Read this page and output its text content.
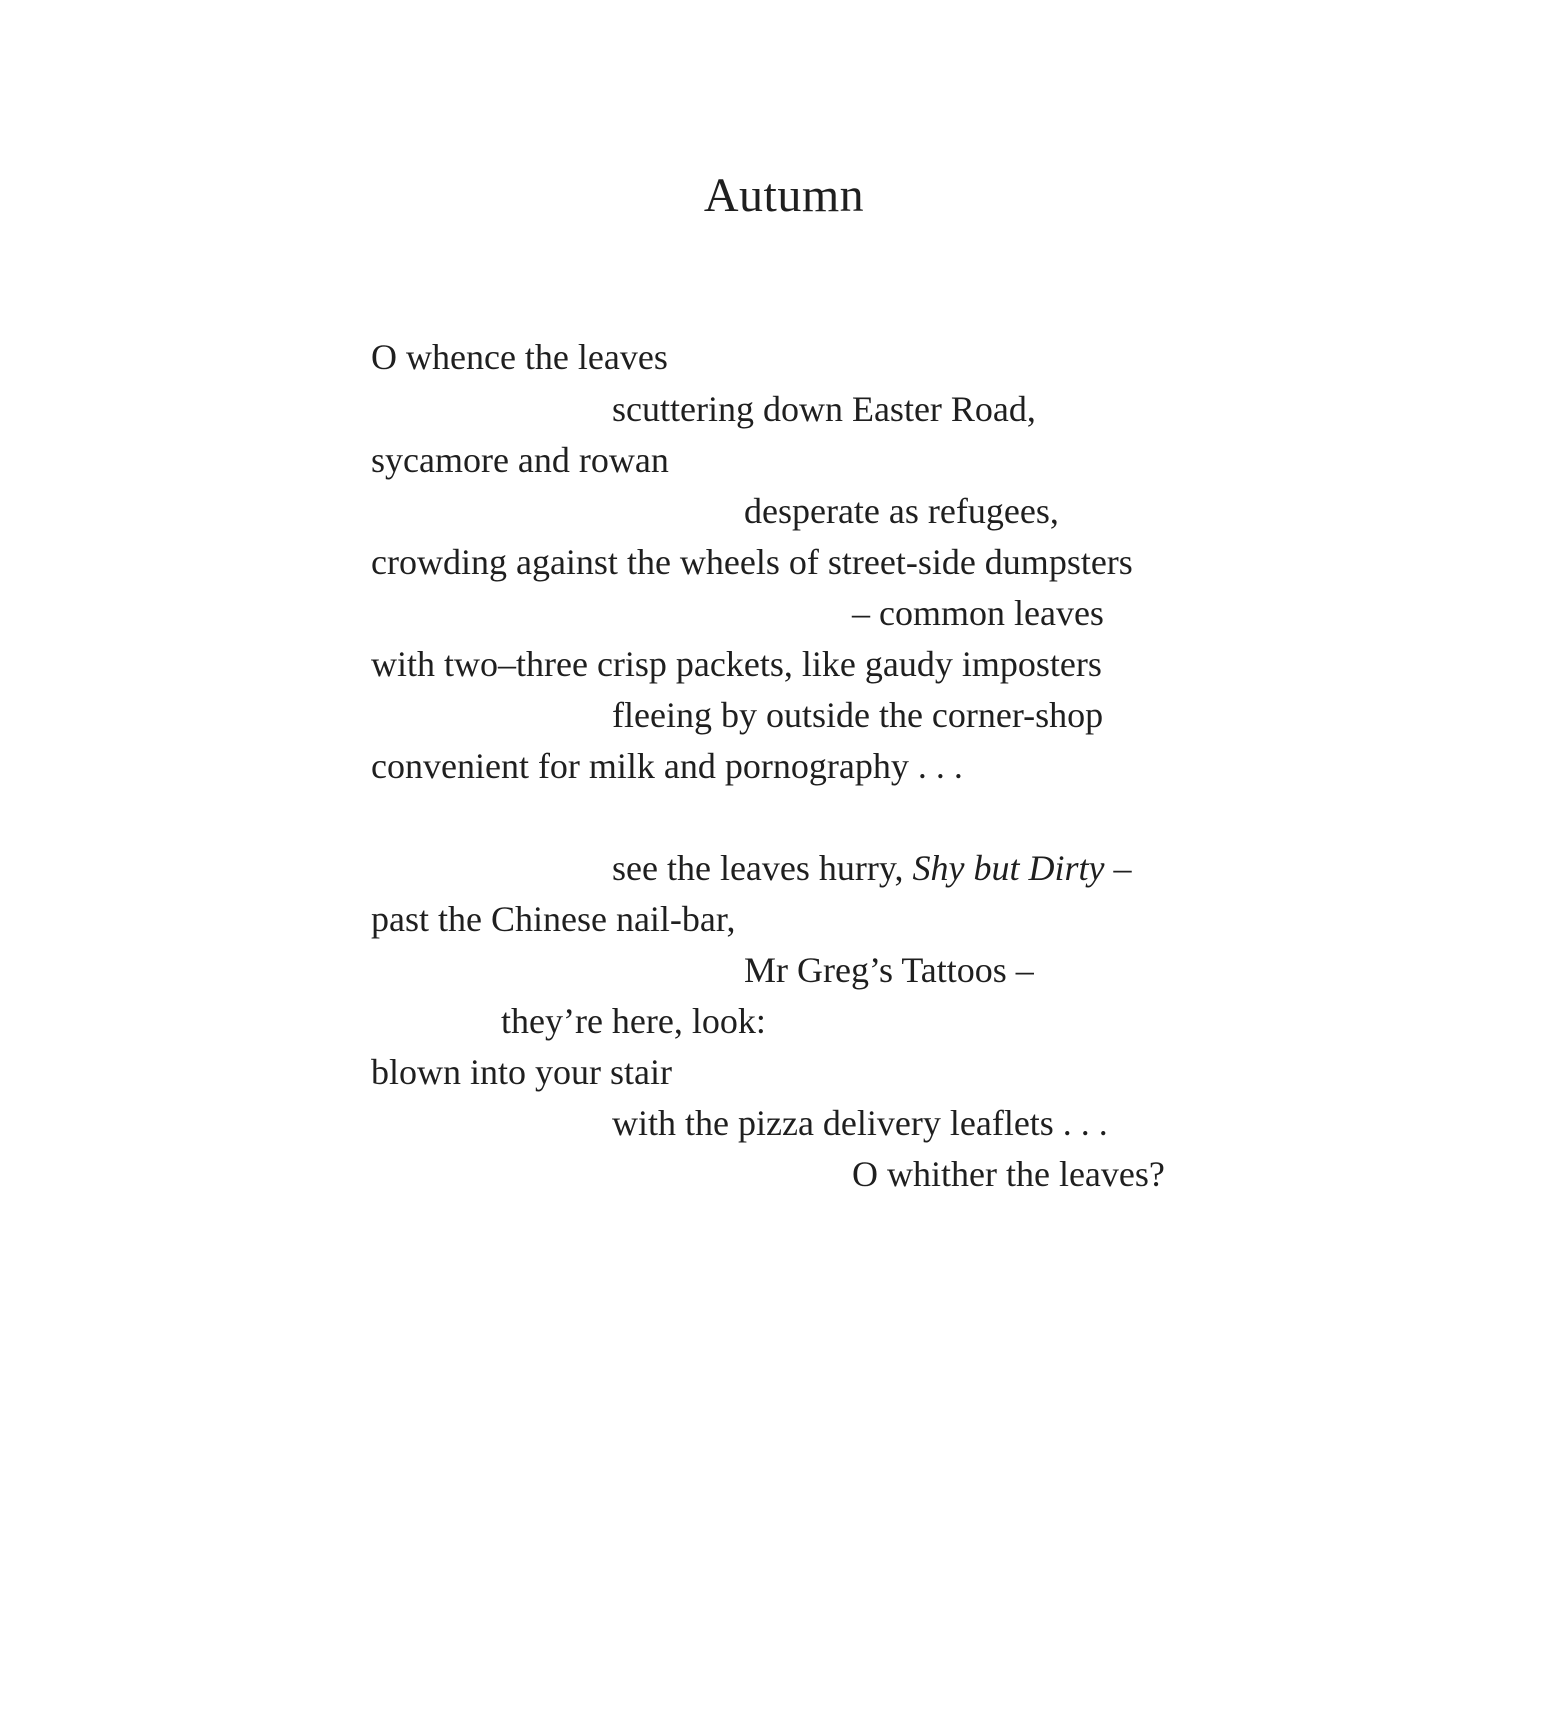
Autumn
O whence the leaves
scuttering down Easter Road,
sycamore and rowan
desperate as refugees,
crowding against the wheels of street-side dumpsters
– common leaves
with two–three crisp packets, like gaudy imposters
fleeing by outside the corner-shop
convenient for milk and pornography . . .
see the leaves hurry, Shy but Dirty –
past the Chinese nail-bar,
Mr Greg’s Tattoos –
they’re here, look:
blown into your stair
with the pizza delivery leaflets . . .
O whither the leaves?
